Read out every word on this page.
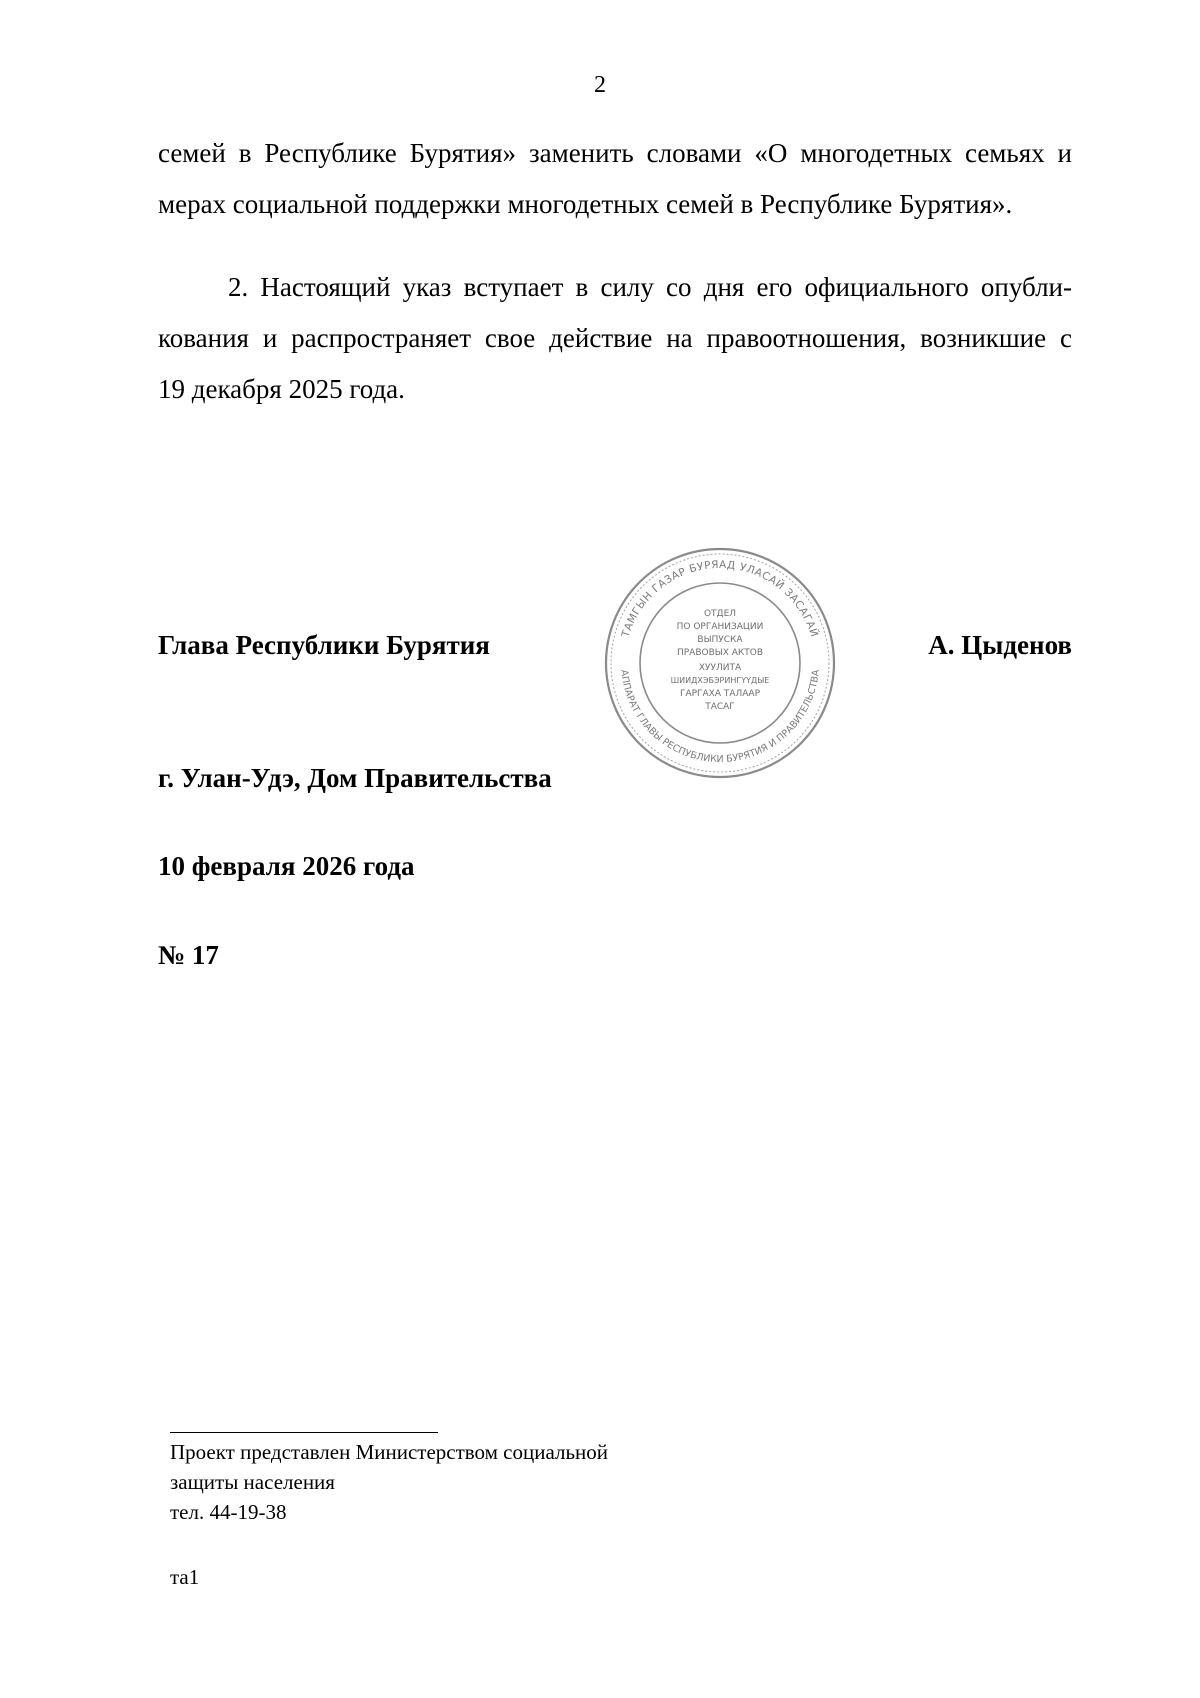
2
семей в Республике Бурятия» заменить словами «О многодетных семьях и
мерах социальной поддержки многодетных семей в Республике Бурятия».
2. Настоящий указ вступает в силу со дня его официального опубли-
кования и распространяет свое действие на правоотношения, возникшие с
19 декабря 2025 года.
Глава Республики Бурятия	ТАМГЫН ГАЗАР БУРЯАД УЛАСАЙ ЗАСАГАЙ
АППАРАТ ГЛАВЫ РЕСПУБЛИКИ БУРЯТИЯ И ПРАВИТЕЛЬСТВА
ОТДЕЛ
ПО ОРГАНИЗАЦИИ
ВЫПУСКА
ПРАВОВЫХ АКТОВ
ХУУЛИТА
ШИИДХЭБЭРИНГҮҮДЫЕ
ГАРГАХА ТАЛААР
ТАСАГ
А. Цыденов
г. Улан-Удэ, Дом Правительства
10 февраля 2026 года
№ 17
Проект представлен Министерством социальной
защиты населения
тел. 44-19-38
та1
